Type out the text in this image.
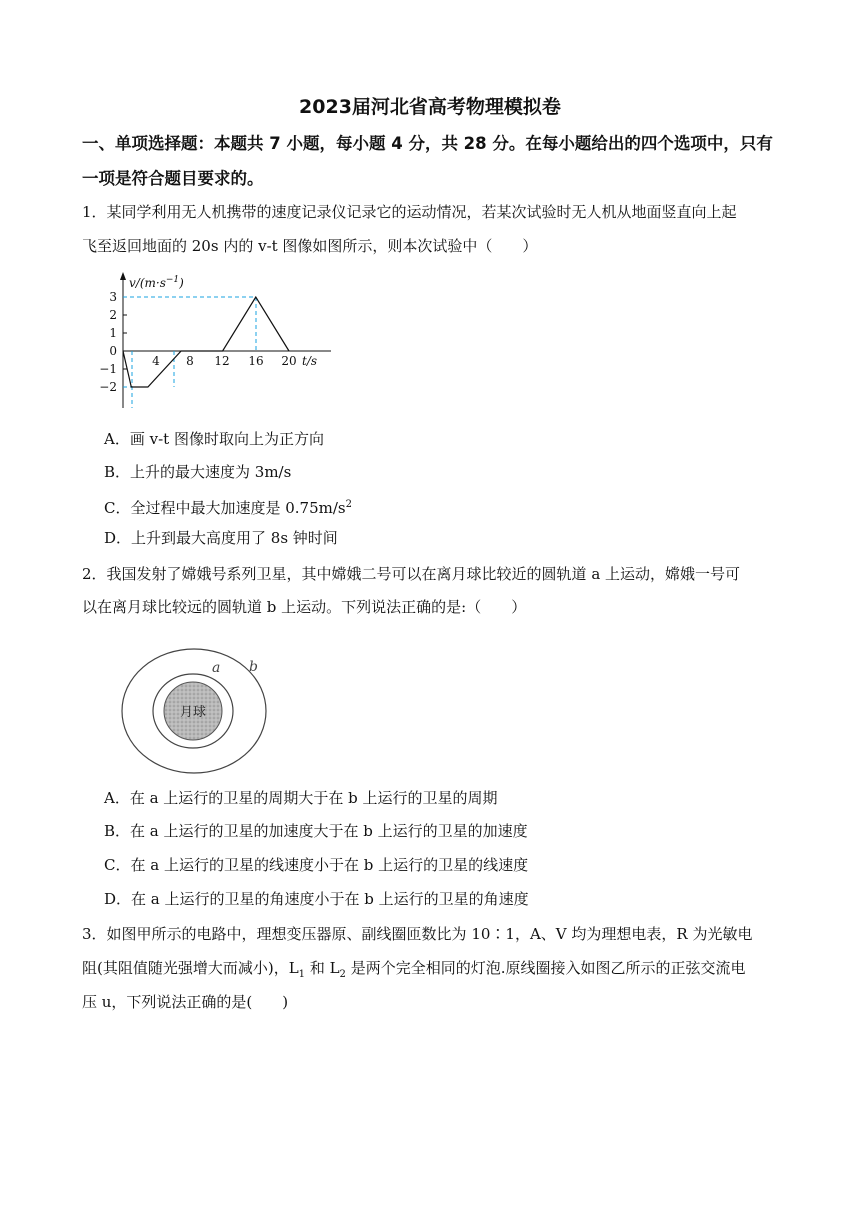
2023届河北省高考物理模拟卷
一、单项选择题：本题共 7 小题，每小题 4 分，共 28 分。在每小题给出的四个选项中，只有
一项是符合题目要求的。
1．某同学利用无人机携带的速度记录仪记录它的运动情况，若某次试验时无人机从地面竖直向上起
飞至返回地面的 20s 内的 v-t 图像如图所示，则本次试验中（　　）
3
2
1
0
−1
−2
$v/(m\cdot s^{-1})$
4 8 12 16 20 t/s
A．画 v-t 图像时取向上为正方向
B．上升的最大速度为 3m/s
C．全过程中最大加速度是 $0.75m/s^2$
D．上升到最大高度用了 8s 钟时间
2．我国发射了嫦娥号系列卫星，其中嫦娥二号可以在离月球比较近的圆轨道 a 上运动，嫦娥一号可
以在离月球比较远的圆轨道 b 上运动。下列说法正确的是:（　　）
月球
a b
A．在 a 上运行的卫星的周期大于在 b 上运行的卫星的周期
B．在 a 上运行的卫星的加速度大于在 b 上运行的卫星的加速度
C．在 a 上运行的卫星的线速度小于在 b 上运行的卫星的线速度
D．在 a 上运行的卫星的角速度小于在 b 上运行的卫星的角速度
3．如图甲所示的电路中，理想变压器原、副线圈匝数比为 10∶1，A、V 均为理想电表，R 为光敏电
阻(其阻值随光强增大而减小)，$L_1$ 和 $L_2$ 是两个完全相同的灯泡.原线圈接入如图乙所示的正弦交流电
压 u，下列说法正确的是(　　)
